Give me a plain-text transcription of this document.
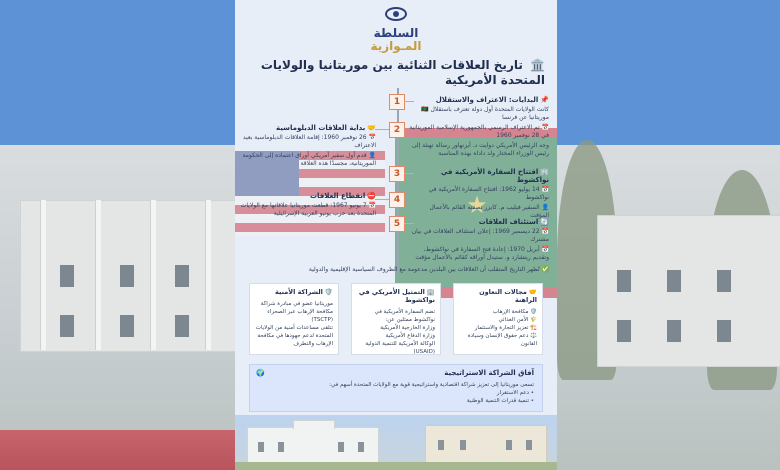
السلطة
المـوازية
🏛️ تاريخ العلاقات الثنائية بين موريتانيا والولايات المتحدة الأمريكية
★
1	📌البدايات: الاعتراف والاستقلال
كانت الولايات المتحدة أول دولة تعترف باستقلال 🇲🇷 موريتانيا عن فرنسا
📅 تم الاعتراف الرسمي بالجمهورية الإسلامية الموريتانية في 28 نوفمبر 1960
وجه الرئيس الأمريكي دوايت د. أيزنهاور رسالة تهنئة إلى رئيس الوزراء المختار ولد داداه بهذه المناسبة
2
🤝بداية العلاقات الدبلوماسية
📅 26 نوفمبر 1960: إقامة العلاقات الدبلوماسية بعيد الاعتراف
👤 قدم أول سفير أمريكي أوراق اعتماده إلى الحكومة الموريتانية، مجسدًا هذه العلاقة
3	🏢افتتاح السفارة الأمريكية في نواكشوط
📅 14 يوليو 1962: افتتاح السفارة الأمريكية في نواكشوط
👤 السفير فيليب م. كايزر بصفته القائم بالأعمال المؤقت
4
⛔انقطاع العلاقات
📅 7 يونيو 1967: قطعت موريتانيا علاقاتها مع الولايات المتحدة بعد حرب يونيو العربية الإسرائيلية
5	🔄استئناف العلاقات
📅 22 ديسمبر 1969: إعلان استئناف العلاقات في بيان مشترك
📅 أبريل 1970: إعادة فتح السفارة في نواكشوط، وتقديم ريتشارد و. ستيدل أوراقه كقائم بالأعمال مؤقت
✅ تُظهر التاريخ المتقلب أن العلاقات بين البلدين مدعومة مع الظروف السياسية الإقليمية والدولية
🤝مجالات التعاون الراهنة
🛡️ مكافحة الإرهاب
🌾 الأمن الغذائي
🏗️ تعزيز التجارة والاستثمار
⚖️ دعم حقوق الإنسان وسيادة القانون
🏢التمثيل الأمريكي في نواكشوط
تضم السفارة الأمريكية في نواكشوط ممثلين عن:
وزارة الخارجية الأمريكية
وزارة الدفاع الأمريكية
الوكالة الأمريكية للتنمية الدولية (USAID)
🛡️الشراكة الأمنية
موريتانيا عضو في مبادرة شراكة مكافحة الإرهاب عبر الصحراء (TSCTP)
تتلقى مساعدات أمنية من الولايات المتحدة لدعم جهودها في مكافحة الإرهاب والتطرف
🌍	آفاق الشراكة الاستراتيجية
تسعى موريتانيا إلى تعزيز شراكة اقتصادية واستراتيجية قوية مع الولايات المتحدة أسهم في:
• دعم الاستقرار
• تنمية قدرات التنمية الوطنية
